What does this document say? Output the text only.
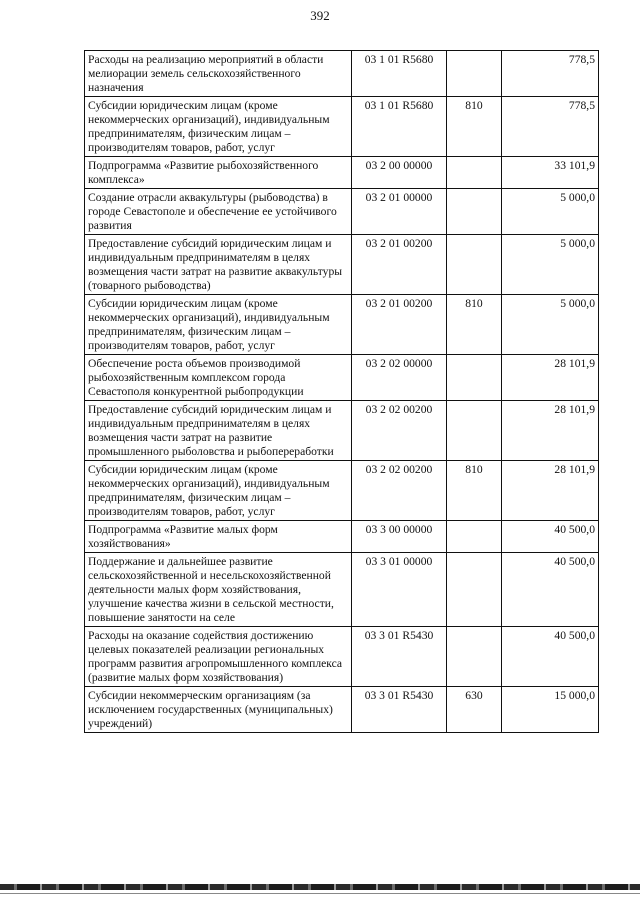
392
Расходы на реализацию мероприятий в области мелиорации земель сельскохозяйственного назначения	03 1 01 R5680		778,5
Субсидии юридическим лицам (кроме некоммерческих организаций), индивидуальным предпринимателям, физическим лицам – производителям товаров, работ, услуг	03 1 01 R5680	810	778,5
Подпрограмма «Развитие рыбохозяйственного комплекса»	03 2 00 00000		33 101,9
Создание отрасли аквакультуры (рыбоводства) в городе Севастополе и обеспечение ее устойчивого развития	03 2 01 00000		5 000,0
Предоставление субсидий юридическим лицам и индивидуальным предпринимателям в целях возмещения части затрат на развитие аквакультуры (товарного рыбоводства)	03 2 01 00200		5 000,0
Субсидии юридическим лицам (кроме некоммерческих организаций), индивидуальным предпринимателям, физическим лицам – производителям товаров, работ, услуг	03 2 01 00200	810	5 000,0
Обеспечение роста объемов производимой рыбохозяйственным комплексом города Севастополя конкурентной рыбопродукции	03 2 02 00000		28 101,9
Предоставление субсидий юридическим лицам и индивидуальным предпринимателям в целях возмещения части затрат на развитие промышленного рыболовства и рыбопереработки	03 2 02 00200		28 101,9
Субсидии юридическим лицам (кроме некоммерческих организаций), индивидуальным предпринимателям, физическим лицам – производителям товаров, работ, услуг	03 2 02 00200	810	28 101,9
Подпрограмма «Развитие малых форм хозяйствования»	03 3 00 00000		40 500,0
Поддержание и дальнейшее развитие сельскохозяйственной и несельскохозяйственной деятельности малых форм хозяйствования, улучшение качества жизни в сельской местности, повышение занятости на селе	03 3 01 00000		40 500,0
Расходы на оказание содействия достижению целевых показателей реализации региональных программ развития агропромышленного комплекса (развитие малых форм хозяйствования)	03 3 01 R5430		40 500,0
Субсидии некоммерческим организациям (за исключением государственных (муниципальных) учреждений)	03 3 01 R5430	630	15 000,0
